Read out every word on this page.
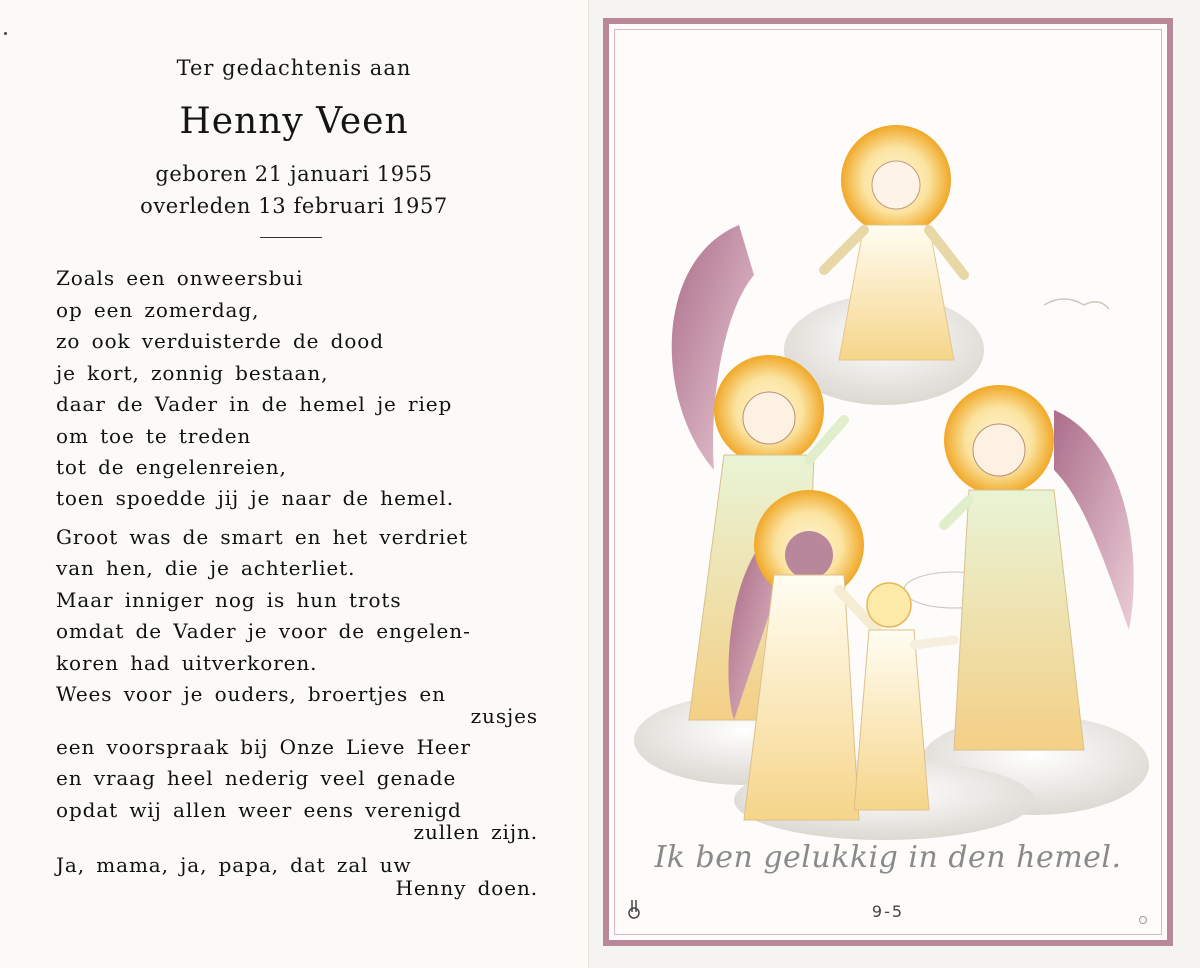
Ter gedachtenis aan
Henny Veen
geboren 21 januari 1955
overleden 13 februari 1957
Zoals een onweersbui
op een zomerdag,
zo ook verduisterde de dood
je kort, zonnig bestaan,
daar de Vader in de hemel je riep
om toe te treden
tot de engelenreien,
toen spoedde jij je naar de hemel.
Groot was de smart en het verdriet
van hen, die je achterliet.
Maar inniger nog is hun trots
omdat de Vader je voor de engelen-
koren had uitverkoren.
Wees voor je ouders, broertjes en
zusjes
een voorspraak bij Onze Lieve Heer
en vraag heel nederig veel genade
opdat wij allen weer eens verenigd
zullen zijn.
Ja, mama, ja, papa, dat zal uw
Henny doen.
Ik ben gelukkig in den hemel.
9-5
